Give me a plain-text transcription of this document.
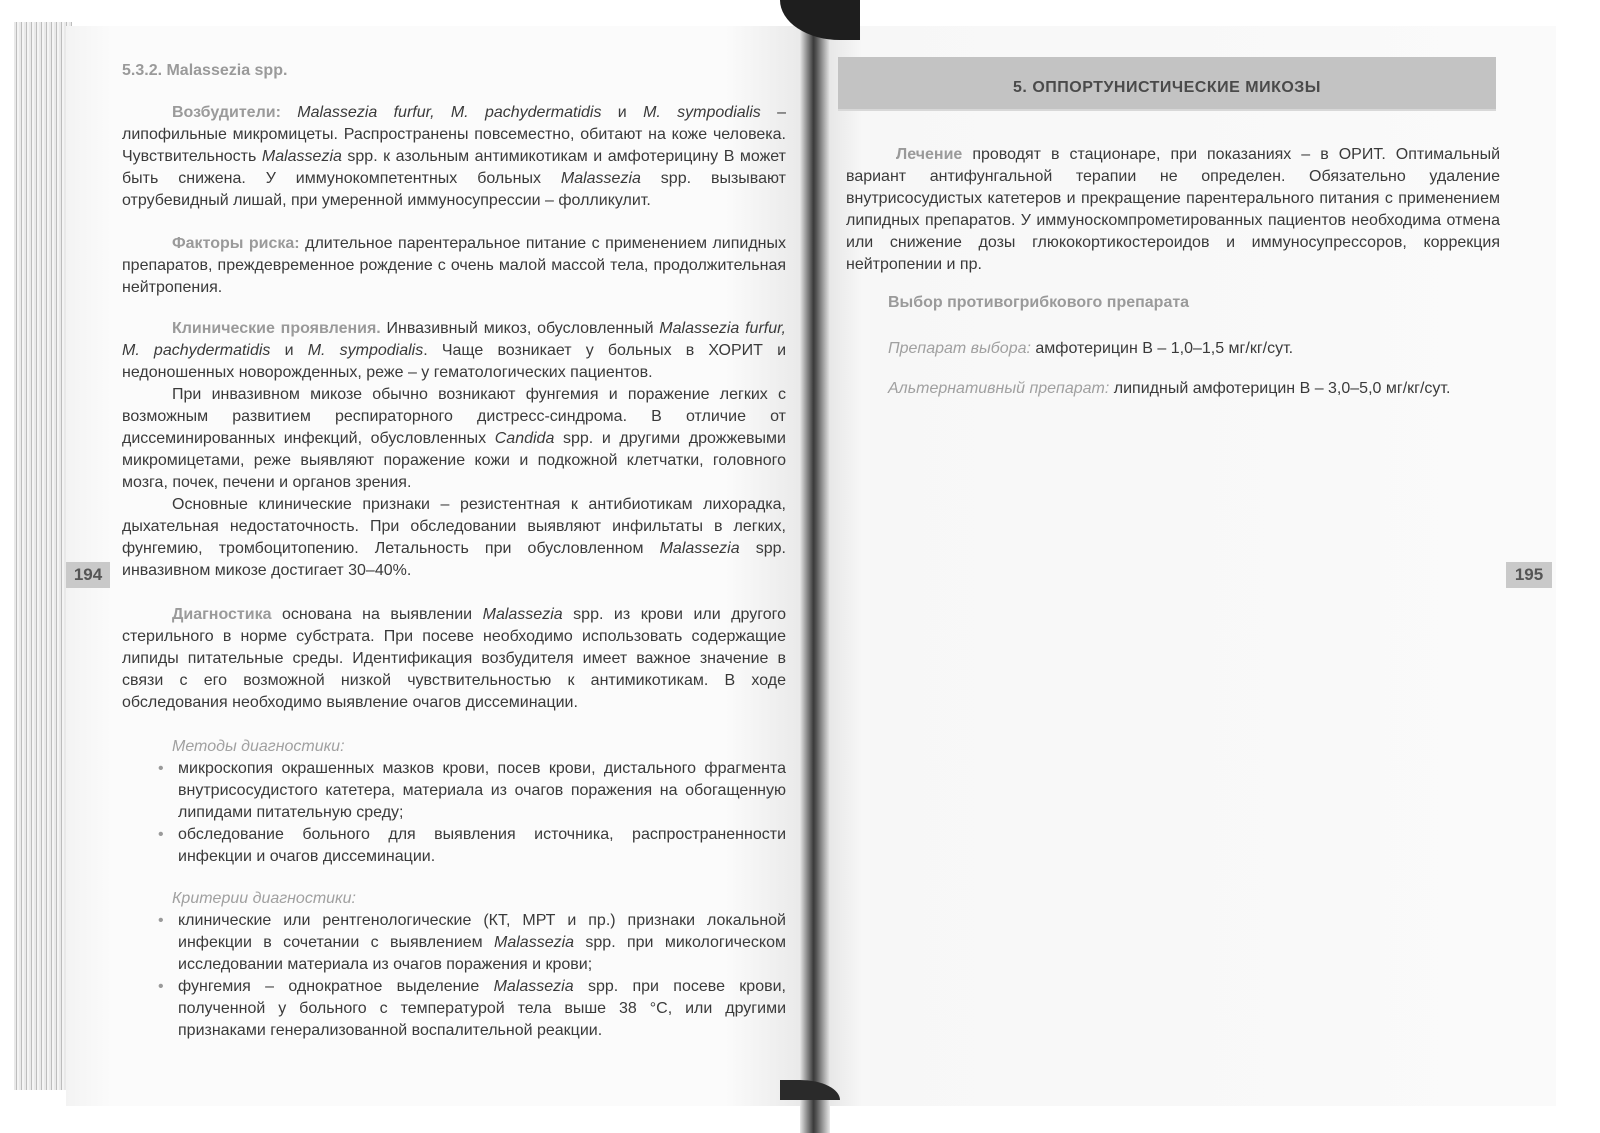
194
5.3.2. Malassezia spp.

Возбудители: Malassezia furfur, M. pachydermatidis и M. sympodialis – липофильные микромицеты. Распространены повсеместно, обитают на коже человека. Чувствительность Malassezia spp. к азольным антимикотикам и амфотерицину В может быть снижена. У иммунокомпетентных больных Malassezia spp. вызывают отрубевидный лишай, при умеренной иммуносупрессии – фолликулит.

Факторы риска: длительное парентеральное питание с применением липидных препаратов, преждевременное рождение с очень малой массой тела, продолжительная нейтропения.

Клинические проявления. Инвазивный микоз, обусловленный Malassezia furfur, M. pachydermatidis и M. sympodialis. Чаще возникает у больных в ХОРИТ и недоношенных новорожденных, реже – у гематологических пациентов.

При инвазивном микозе обычно возникают фунгемия и поражение легких с возможным развитием респираторного дистресс-синдрома. В отличие от диссеминированных инфекций, обусловленных Candida spp. и другими дрожжевыми микромицетами, реже выявляют поражение кожи и подкожной клетчатки, головного мозга, почек, печени и органов зрения.

Основные клинические признаки – резистентная к антибиотикам лихорадка, дыхательная недостаточность. При обследовании выявляют инфильтаты в легких, фунгемию, тромбоцитопению. Летальность при обусловленном Malassezia spp. инвазивном микозе достигает 30–40%.

Диагностика основана на выявлении Malassezia spp. из крови или другого стерильного в норме субстрата. При посеве необходимо использовать содержащие липиды питательные среды. Идентификация возбудителя имеет важное значение в связи с его возможной низкой чувствительностью к антимикотикам. В ходе обследования необходимо выявление очагов диссеминации.

Методы диагностики:
• микроскопия окрашенных мазков крови, посев крови, дистального фрагмента внутрисосудистого катетера, материала из очагов поражения на обогащенную липидами питательную среду;
• обследование больного для выявления источника, распространенности инфекции и очагов диссеминации.
Критерии диагностики:
• клинические или рентгенологические (КТ, МРТ и пр.) признаки локальной инфекции в сочетании с выявлением Malassezia spp. при микологическом исследовании материала из очагов поражения и крови;
• фунгемия – однократное выделение Malassezia spp. при посеве крови, полученной у больного с температурой тела выше 38 °С, или другими признаками генерализованной воспалительной реакции.
5. ОППОРТУНИСТИЧЕСКИЕ МИКОЗЫ
195

Лечение проводят в стационаре, при показаниях – в ОРИТ. Оптимальный вариант антифунгальной терапии не определен. Обязательно удаление внутрисосудистых катетеров и прекращение парентерального питания с применением липидных препаратов. У иммунoскомпрометированных пациентов необходима отмена или снижение дозы глюкокортикостероидов и иммуносупрессоров, коррекция нейтропении и пр.

Выбор противогрибкового препарата

Препарат выбора: амфотерицин В – 1,0–1,5 мг/кг/сут.

Альтернативный препарат: липидный амфотерицин В – 3,0–5,0 мг/кг/сут.
